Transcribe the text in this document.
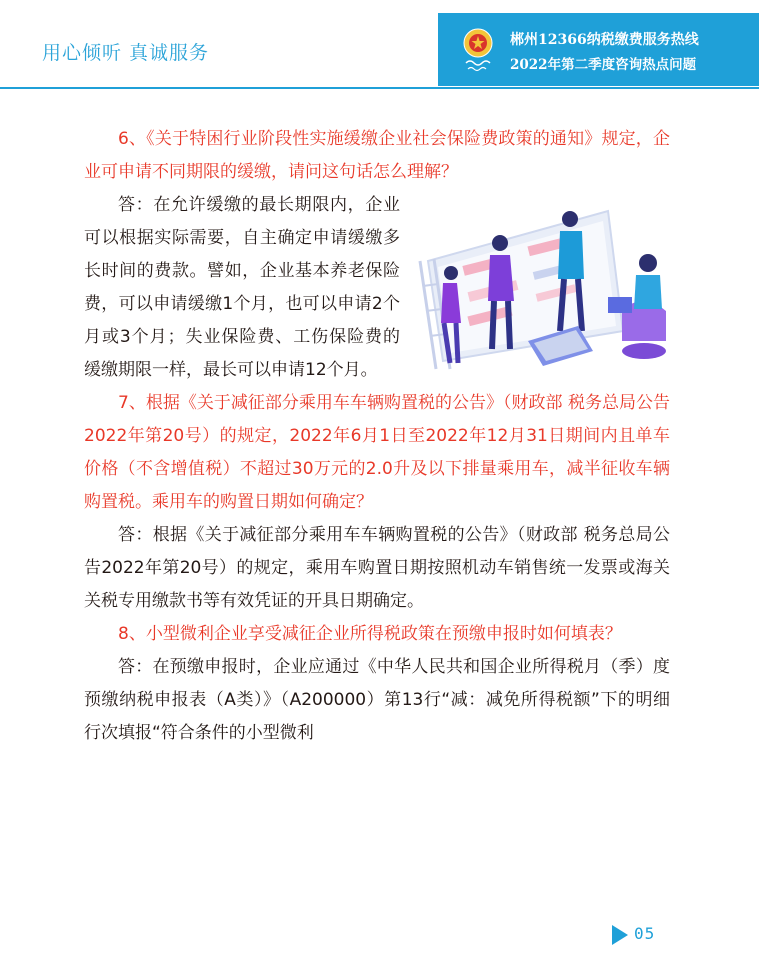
用心倾听 真诚服务
郴州12366纳税缴费服务热线
2022年第二季度咨询热点问题

6、《关于特困行业阶段性实施缓缴企业社会保险费政策的通知》规定，企业可申请不同期限的缓缴，请问这句话怎么理解？

答：在允许缓缴的最长期限内，企业可以根据实际需要，自主确定申请缓缴多长时间的费款。譬如，企业基本养老保险费，可以申请缓缴1个月，也可以申请2个月或3个月；失业保险费、工伤保险费的缓缴期限一样，最长可以申请12个月。

7、根据《关于减征部分乘用车车辆购置税的公告》（财政部 税务总局公告2022年第20号）的规定，2022年6月1日至2022年12月31日期间内且单车价格（不含增值税）不超过30万元的2.0升及以下排量乘用车，减半征收车辆购置税。乘用车的购置日期如何确定？

答：根据《关于减征部分乘用车车辆购置税的公告》（财政部 税务总局公告2022年第20号）的规定，乘用车购置日期按照机动车销售统一发票或海关关税专用缴款书等有效凭证的开具日期确定。

8、小型微利企业享受减征企业所得税政策在预缴申报时如何填表？

答：在预缴申报时，企业应通过《中华人民共和国企业所得税月（季）度预缴纳税申报表（A类）》（A200000）第13行“减：减免所得税额”下的明细行次填报“符合条件的小型微利

05
